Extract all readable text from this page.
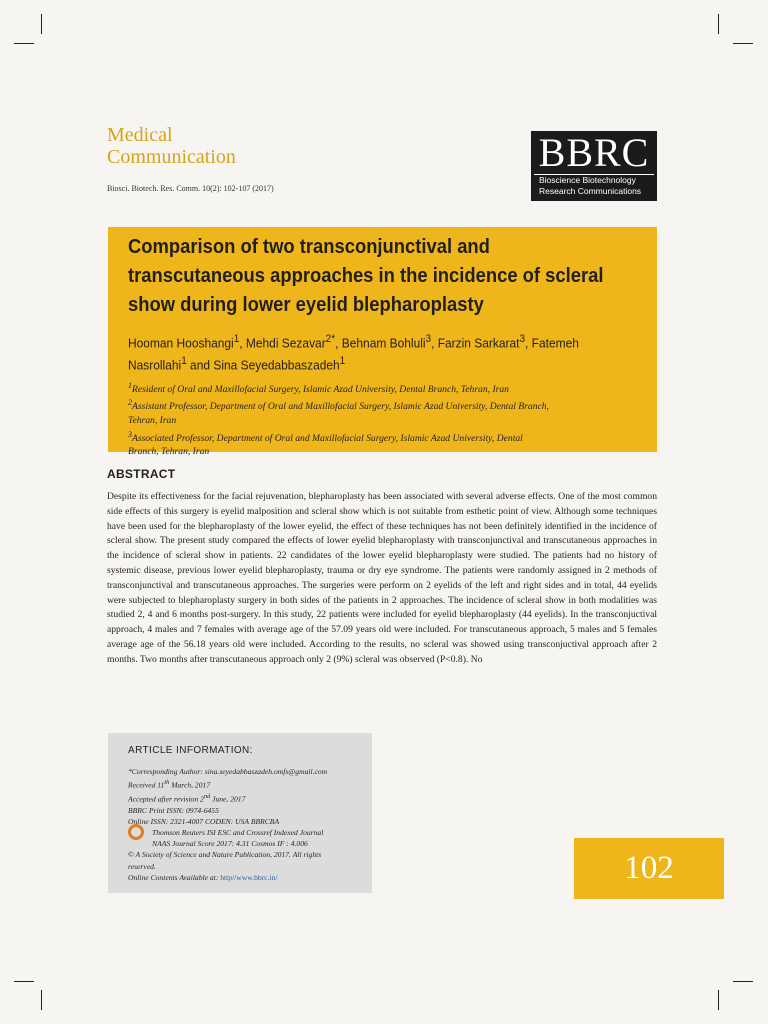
Medical
Communication
Biosci. Biotech. Res. Comm. 10(2): 102-107 (2017)
BBRC
Bioscience Biotechnology
Research Communications
Comparison of two transconjunctival and
transcutaneous approaches in the incidence of scleral
show during lower eyelid blepharoplasty
Hooman Hooshangi$^1$, Mehdi Sezavar$^{2*}$, Behnam Bohluli$^3$, Farzin Sarkarat$^3$, Fatemeh
Nasrollahi$^1$ and Sina Seyedabbaszadeh$^1$
$^1$Resident of Oral and Maxillofacial Surgery, Islamic Azad University, Dental Branch, Tehran, Iran
$^2$Assistant Professor, Department of Oral and Maxillofacial Surgery, Islamic Azad University, Dental Branch,
Tehran, Iran
$^3$Associated Professor, Department of Oral and Maxillofacial Surgery, Islamic Azad University, Dental
Branch, Tehran, Iran
ABSTRACT
Despite its effectiveness for the facial rejuvenation, blepharoplasty has been associated with several adverse effects. One of the most common side effects of this surgery is eyelid malposition and scleral show which is not suitable from esthetic point of view. Although some techniques have been used for the blepharoplasty of the lower eyelid, the effect of these techniques has not been definitely identified in the incidence of scleral show. The present study compared the effects of lower eyelid blepharoplasty with transconjunctival and transcutaneous approaches in the incidence of scleral show in patients. 22 candidates of the lower eyelid blepharoplasty were studied. The patients had no history of systemic disease, previous lower eyelid blepharoplasty, trauma or dry eye syndrome. The patients were randomly assigned in 2 methods of transconjunctival and transcutaneous approaches. The surgeries were perform on 2 eyelids of the left and right sides and in total, 44 eyelids were subjected to blepharoplasty surgery in both sides of the patients in 2 approaches. The incidence of scleral show in both modalities was studied 2, 4 and 6 months post-surgery. In this study, 22 patients were included for eyelid blepharoplasty (44 eyelids). In the transconjuctival approach, 4 males and 7 females with average age of the 57.09 years old were included. For transcutaneous approach, 5 males and 5 females average age of the 56.18 years old were included. According to the results, no scleral was showed using transconjuctival approach after 2 months. Two months after transcutaneous approach only 2 (9%) scleral was observed (P<0.8). No
ARTICLE INFORMATION:
*Corresponding Author: sina.seyedabbaszadeh.omfs@gmail.com
Received 11th March, 2017
Accepted after revision 2nd June, 2017
BBRC Print ISSN: 0974-6455
Online ISSN: 2321-4007 CODEN: USA BBRCBA
Thomson Reuters ISI ESC and Crossref Indexed Journal
NAAS Journal Score 2017: 4.31 Cosmos IF : 4.006
© A Society of Science and Nature Publication, 2017. All rights
reserved.
Online Contents Available at: http//www.bbrc.in/	102
